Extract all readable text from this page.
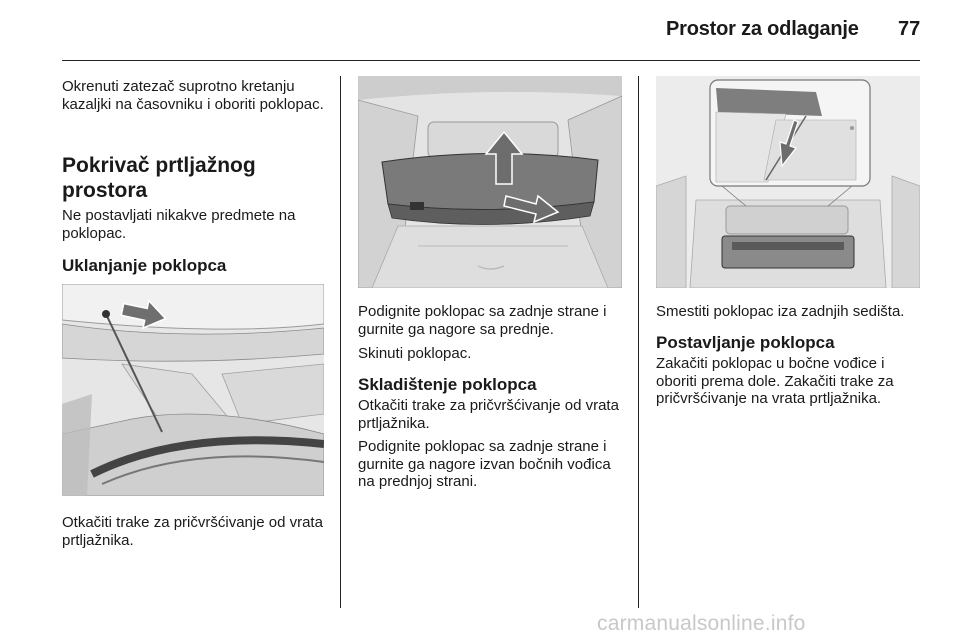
Prostor za odlaganje 77

Okrenuti zatezač suprotno kretanju kazaljki na časovniku i oboriti poklopac.

Pokrivač prtljažnog prostora

Ne postavljati nikakve predmete na poklopac.

Uklanjanje poklopca

Otkačiti trake za pričvršćivanje od vrata prtljažnika.

Podignite poklopac sa zadnje strane i gurnite ga nagore sa prednje.

Skinuti poklopac.

Skladištenje poklopca

Otkačiti trake za pričvršćivanje od vrata prtljažnika.

Podignite poklopac sa zadnje strane i gurnite ga nagore izvan bočnih vođica na prednjoj strani.

Smestiti poklopac iza zadnjih sedišta.

Postavljanje poklopca

Zakačiti poklopac u bočne vođice i oboriti prema dole. Zakačiti trake za pričvršćivanje na vrata prtljažnika.

carmanualsonline.info
